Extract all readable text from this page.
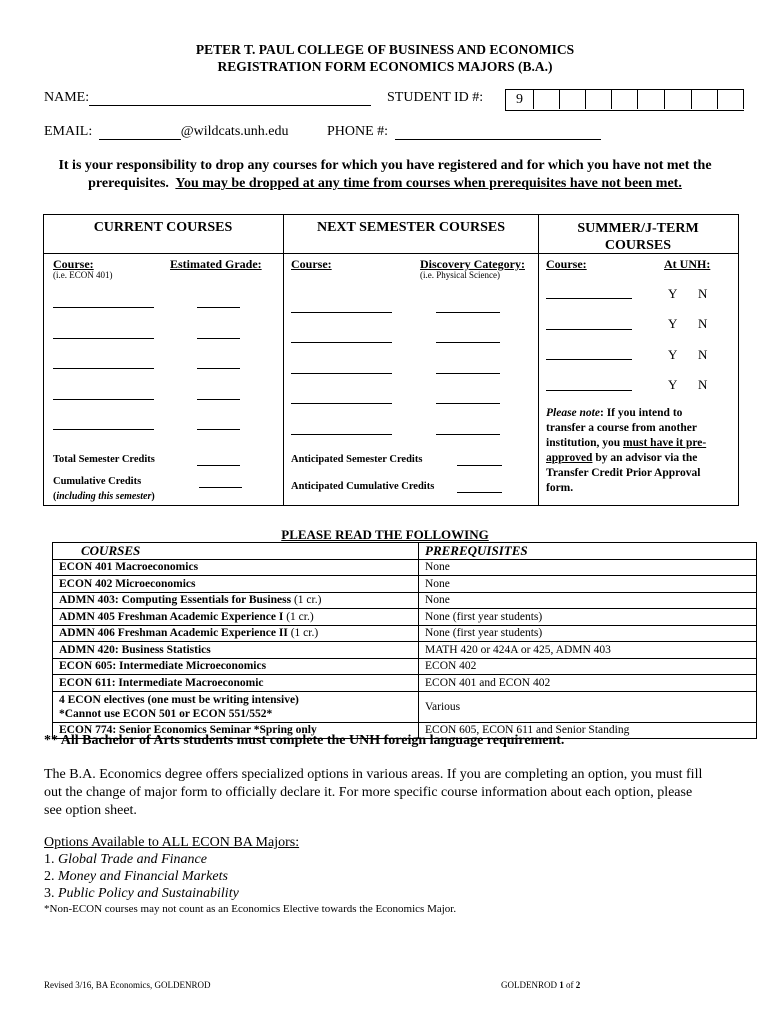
PETER T. PAUL COLLEGE OF BUSINESS AND ECONOMICS
REGISTRATION FORM ECONOMICS MAJORS (B.A.)
NAME:	STUDENT ID #:	9
EMAIL:	@wildcats.unh.edu	PHONE #:
It is your responsibility to drop any courses for which you have registered and for which you have not met the
prerequisites. You may be dropped at any time from courses when prerequisites have not been met.
CURRENT COURSES
Course:
(i.e. ECON 401)
Estimated Grade:
Total Semester Credits
Cumulative Credits
(including this semester)
NEXT SEMESTER COURSES
Course:	Discovery Category:
(i.e. Physical Science)
Anticipated Semester Credits
Anticipated Cumulative Credits
SUMMER/J-TERM
COURSES
Course:	At UNH:
Y N
Y N
Y N
Y N
Please note: If you intend to
transfer a course from another
institution, you must have it pre-
approved by an advisor via the
Transfer Credit Prior Approval
form.
PLEASE READ THE FOLLOWING
COURSES	PREREQUISITES
ECON 401 Macroeconomics	None
ECON 402 Microeconomics	None
ADMN 403: Computing Essentials for Business (1 cr.)	None
ADMN 405 Freshman Academic Experience I (1 cr.)	None (first year students)
ADMN 406 Freshman Academic Experience II (1 cr.)	None (first year students)
ADMN 420: Business Statistics	MATH 420 or 424A or 425, ADMN 403
ECON 605: Intermediate Microeconomics	ECON 402
ECON 611: Intermediate Macroeconomic	ECON 401 and ECON 402

4 ECON electives (one must be writing intensive)
*Cannot use ECON 501 or ECON 551/552*	Various
ECON 774: Senior Economics Seminar *Spring only	ECON 605, ECON 611 and Senior Standing
** All Bachelor of Arts students must complete the UNH foreign language requirement.
The B.A. Economics degree offers specialized options in various areas. If you are completing an option, you must fill
out the change of major form to officially declare it. For more specific course information about each option, please
see option sheet.
Options Available to ALL ECON BA Majors:
1. Global Trade and Finance
2. Money and Financial Markets
3. Public Policy and Sustainability
*Non-ECON courses may not count as an Economics Elective towards the Economics Major.
Revised 3/16, BA Economics, GOLDENROD	GOLDENROD 1 of 2
